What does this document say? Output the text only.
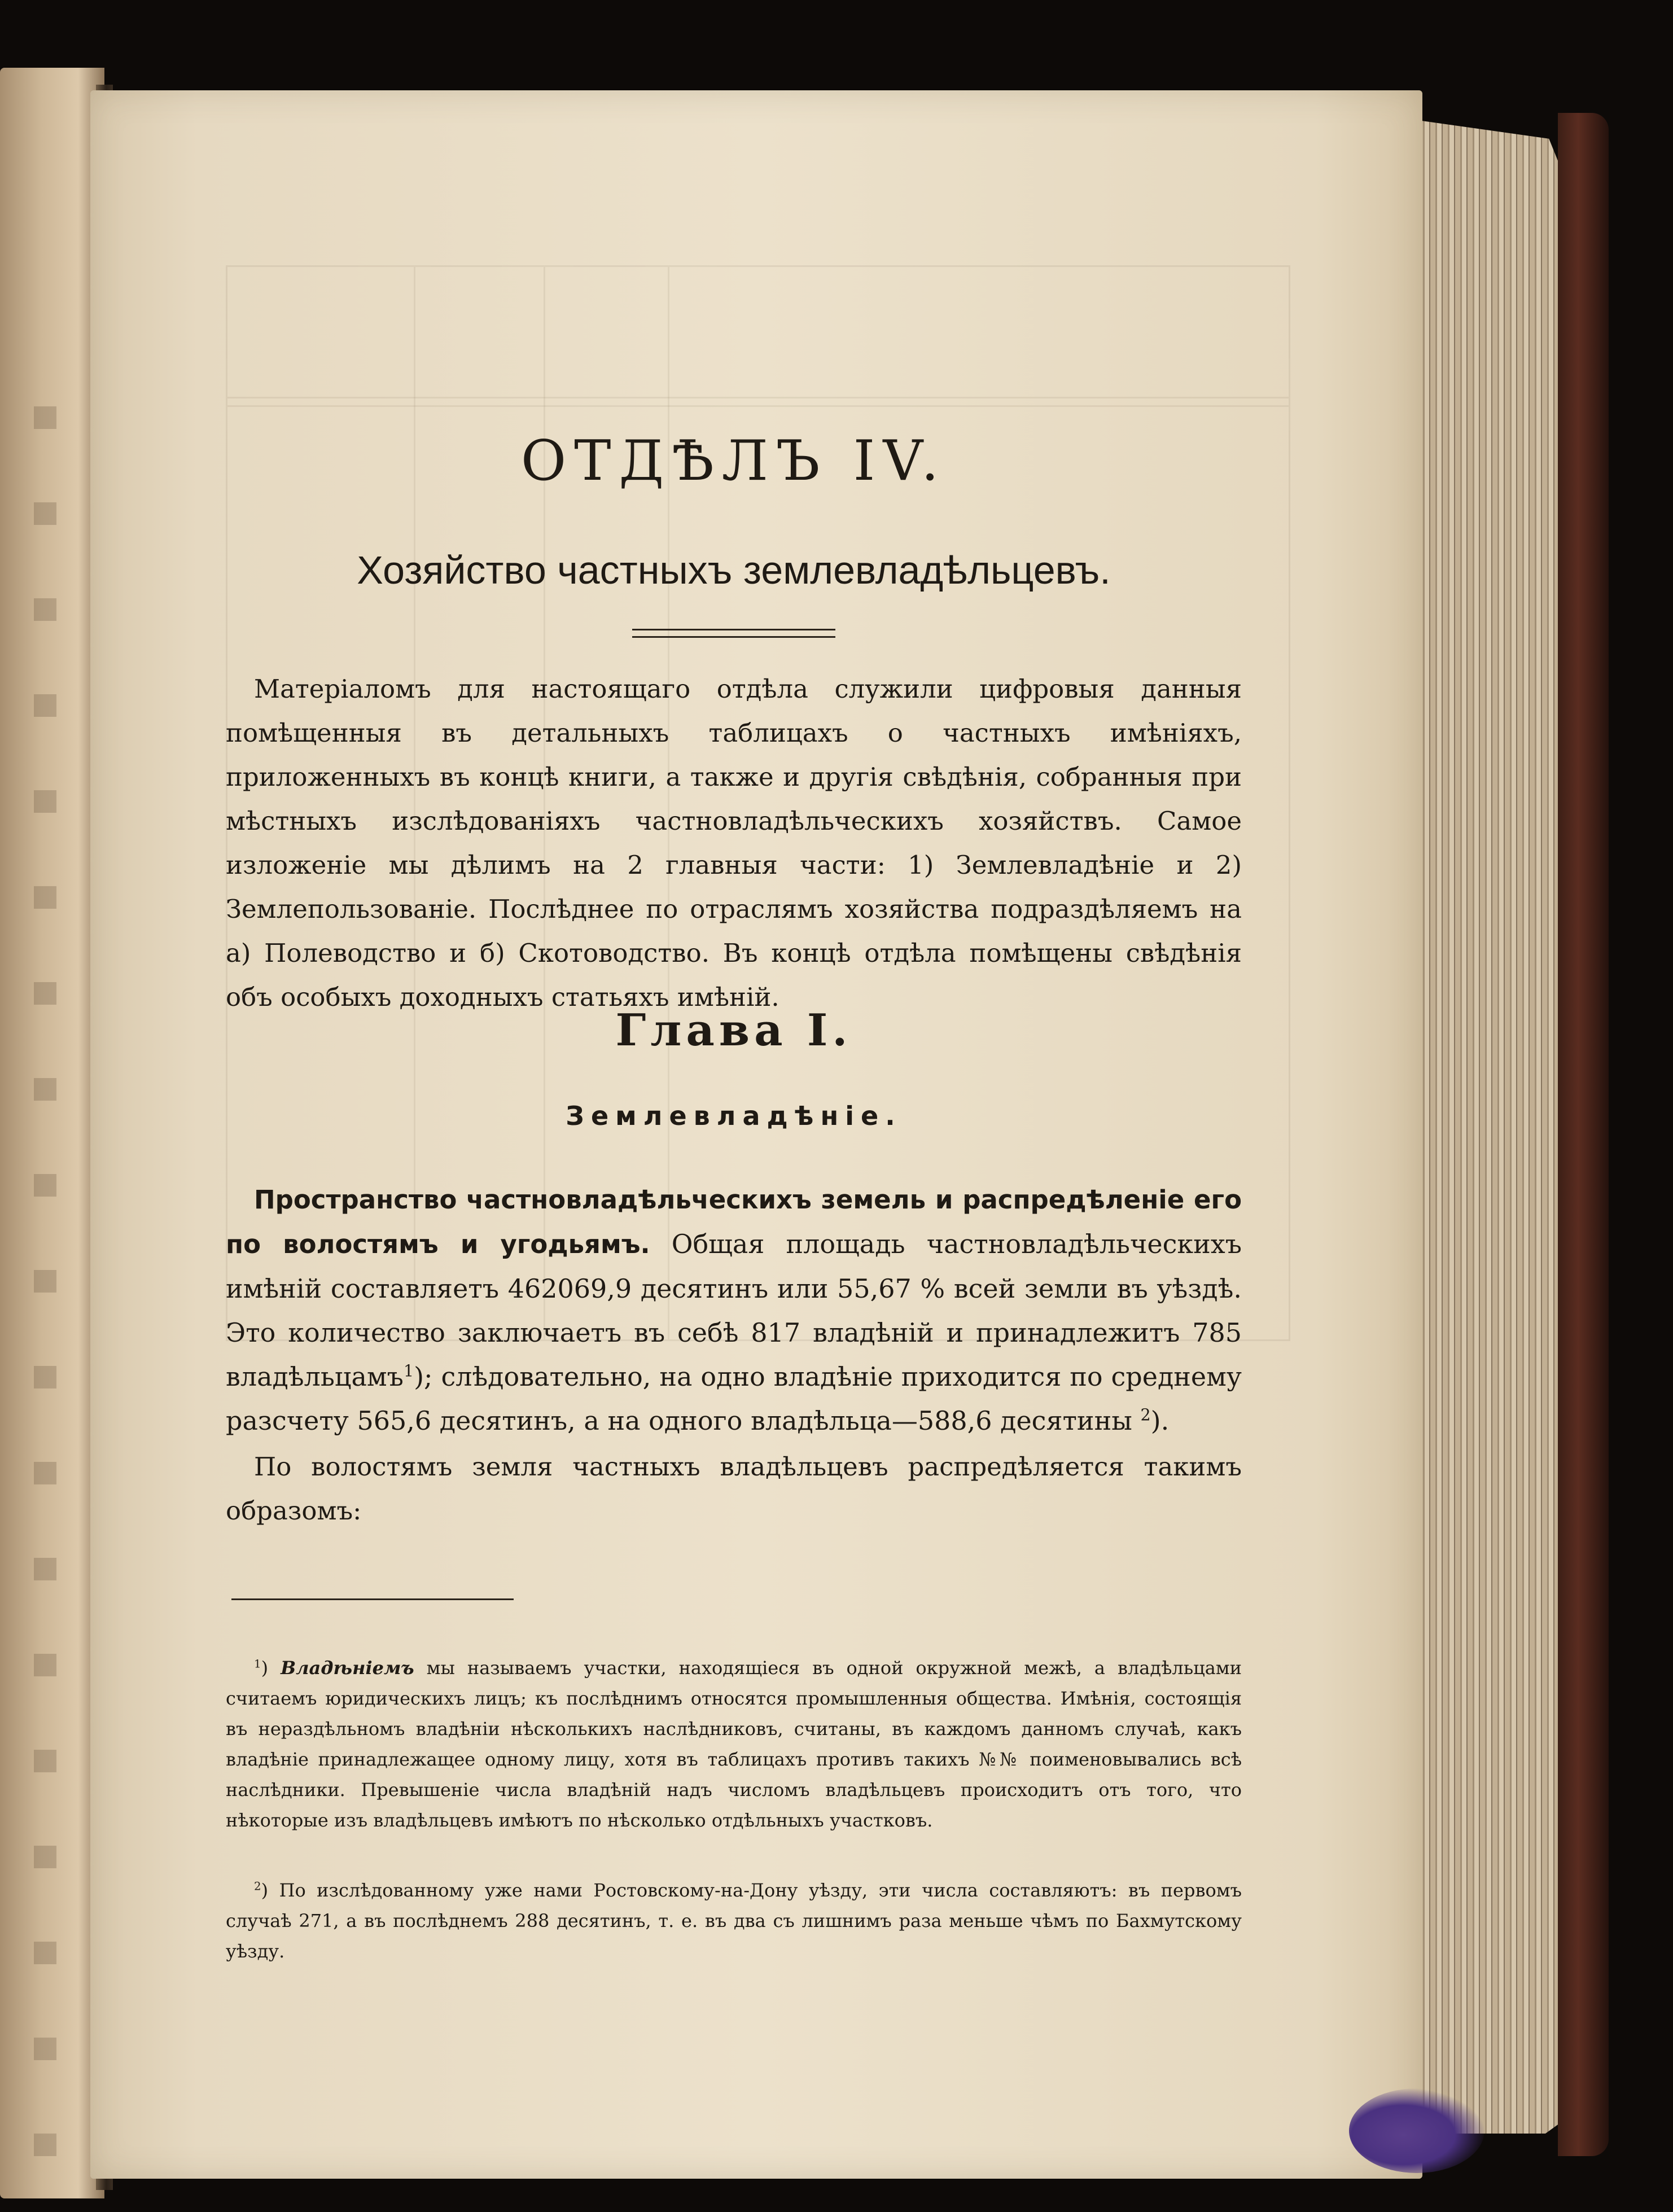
ОТДѢЛЪ IV.
Хозяйство частныхъ землевладѣльцевъ.

Матеріаломъ для настоящаго отдѣла служили цифровыя данныя помѣщенныя въ детальныхъ таблицахъ о частныхъ имѣніяхъ, приложенныхъ въ концѣ книги, а также и другія свѣдѣнія, собранныя при мѣстныхъ изслѣдованіяхъ частновладѣльческихъ хозяйствъ. Самое изложеніе мы дѣлимъ на 2 главныя части: 1) Землевладѣніе и 2) Землепользованіе. Послѣднее по отраслямъ хозяйства подраздѣляемъ на а) Полеводство и б) Скотоводство. Въ концѣ отдѣла помѣщены свѣдѣнія объ особыхъ доходныхъ статьяхъ имѣній.

Глава I.
Землевладѣніе.

Пространство частновладѣльческихъ земель и распредѣленіе его по волостямъ и угодьямъ. Общая площадь частновладѣльческихъ имѣній составляетъ 462069,9 десятинъ или 55,67 % всей земли въ уѣздѣ. Это количество заключаетъ въ себѣ 817 владѣній и принадлежитъ 785 владѣльцамъ$^1$); слѣдовательно, на одно владѣніе приходится по среднему разсчету 565,6 десятинъ, а на одного владѣльца—588,6 десятины $^2$).

По волостямъ земля частныхъ владѣльцевъ распредѣляется такимъ образомъ:

$^1$) Владѣніемъ мы называемъ участки, находящіеся въ одной окружной межѣ, а владѣльцами считаемъ юридическихъ лицъ; къ послѣднимъ относятся промышленныя общества. Имѣнія, состоящія въ нераздѣльномъ владѣніи нѣсколькихъ наслѣдниковъ, считаны, въ каждомъ данномъ случаѣ, какъ владѣніе принадлежащее одному лицу, хотя въ таблицахъ противъ такихъ №№ поименовывались всѣ наслѣдники. Превышеніе числа владѣній надъ числомъ владѣльцевъ происходитъ отъ того, что нѣкоторые изъ владѣльцевъ имѣютъ по нѣсколько отдѣльныхъ участковъ.

$^2$) По изслѣдованному уже нами Ростовскому-на-Дону уѣзду, эти числа составляютъ: въ первомъ случаѣ 271, а въ послѣднемъ 288 десятинъ, т. е. въ два съ лишнимъ раза меньше чѣмъ по Бахмутскому уѣзду.
